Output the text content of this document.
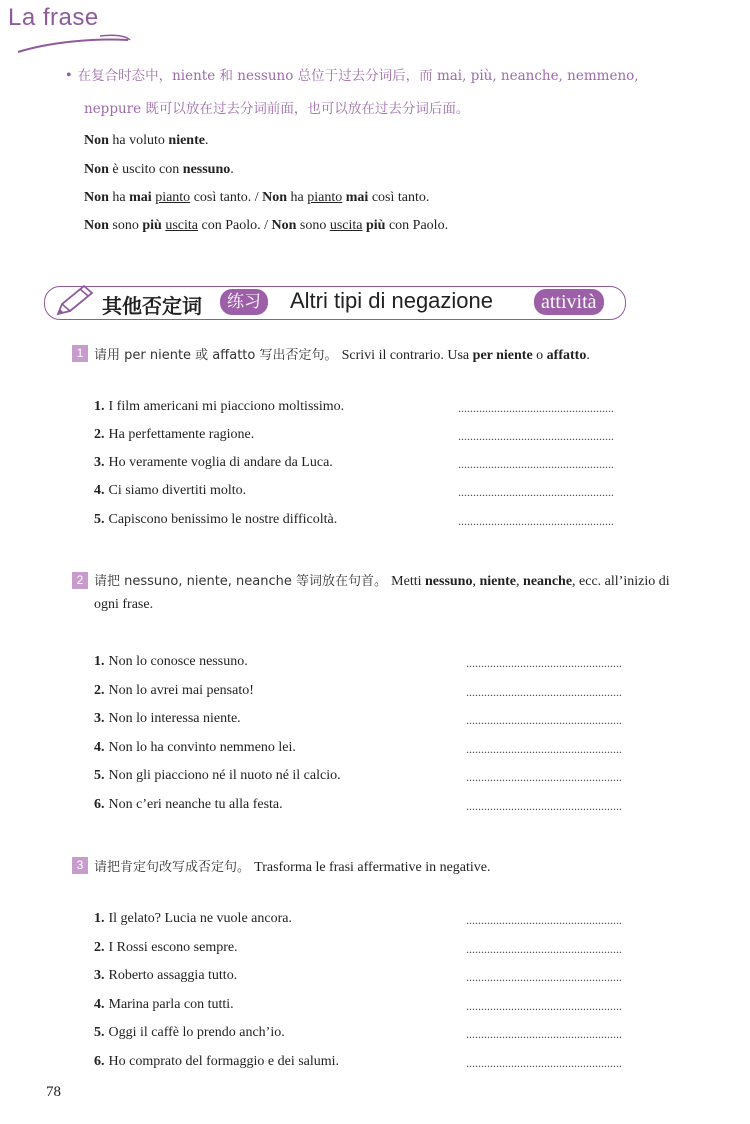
La frase
• 在复合时态中，niente 和 nessuno 总位于过去分词后，而 mai, più, neanche, nemmeno,
neppure 既可以放在过去分词前面，也可以放在过去分词后面。
Non ha voluto niente.
Non è uscito con nessuno.
Non ha mai pianto così tanto. / Non ha pianto mai così tanto.
Non sono più uscita con Paolo. / Non sono uscita più con Paolo.
其他否定词	练习	Altri tipi di negazione	attività
1 请用 per niente 或 affatto 写出否定句。 Scrivi il contrario. Usa per niente o affatto.
1. I film americani mi piacciono moltissimo.	....................................................
2. Ha perfettamente ragione.	....................................................
3. Ho veramente voglia di andare da Luca.	....................................................
4. Ci siamo divertiti molto.	....................................................
5. Capiscono benissimo le nostre difficoltà.	....................................................
2 请把 nessuno, niente, neanche 等词放在句首。 Metti nessuno, niente, neanche, ecc. all’inizio di
ogni frase.
1. Non lo conosce nessuno.	....................................................
2. Non lo avrei mai pensato!	....................................................
3. Non lo interessa niente.	....................................................
4. Non lo ha convinto nemmeno lei.	....................................................
5. Non gli piacciono né il nuoto né il calcio.	....................................................
6. Non c’eri neanche tu alla festa.	....................................................
3 请把肯定句改写成否定句。 Trasforma le frasi affermative in negative.
1. Il gelato? Lucia ne vuole ancora.	....................................................
2. I Rossi escono sempre.	....................................................
3. Roberto assaggia tutto.	....................................................
4. Marina parla con tutti.	....................................................
5. Oggi il caffè lo prendo anch’io.	....................................................
6. Ho comprato del formaggio e dei salumi.	....................................................
78
